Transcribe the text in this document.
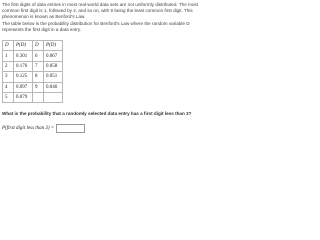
The first digits of data entries in most real-world data sets are not uniformly distributed. The most common first digit is 1, followed by 2, and so on, with 9 being the least common first digit. This phenomenon is known as Benford's Law.
The table below is the probability distribution for Benford's Law where the random variable D represents the first digit in a data entry.
D	P(D)	D	P(D)
1	0.301	6	0.067
2	0.176	7	0.058
3	0.125	8	0.051
4	0.097	9	0.046
5	0.079		
What is the probability that a randomly selected data entry has a first digit less than 3?
P(first digit less than 3) =
